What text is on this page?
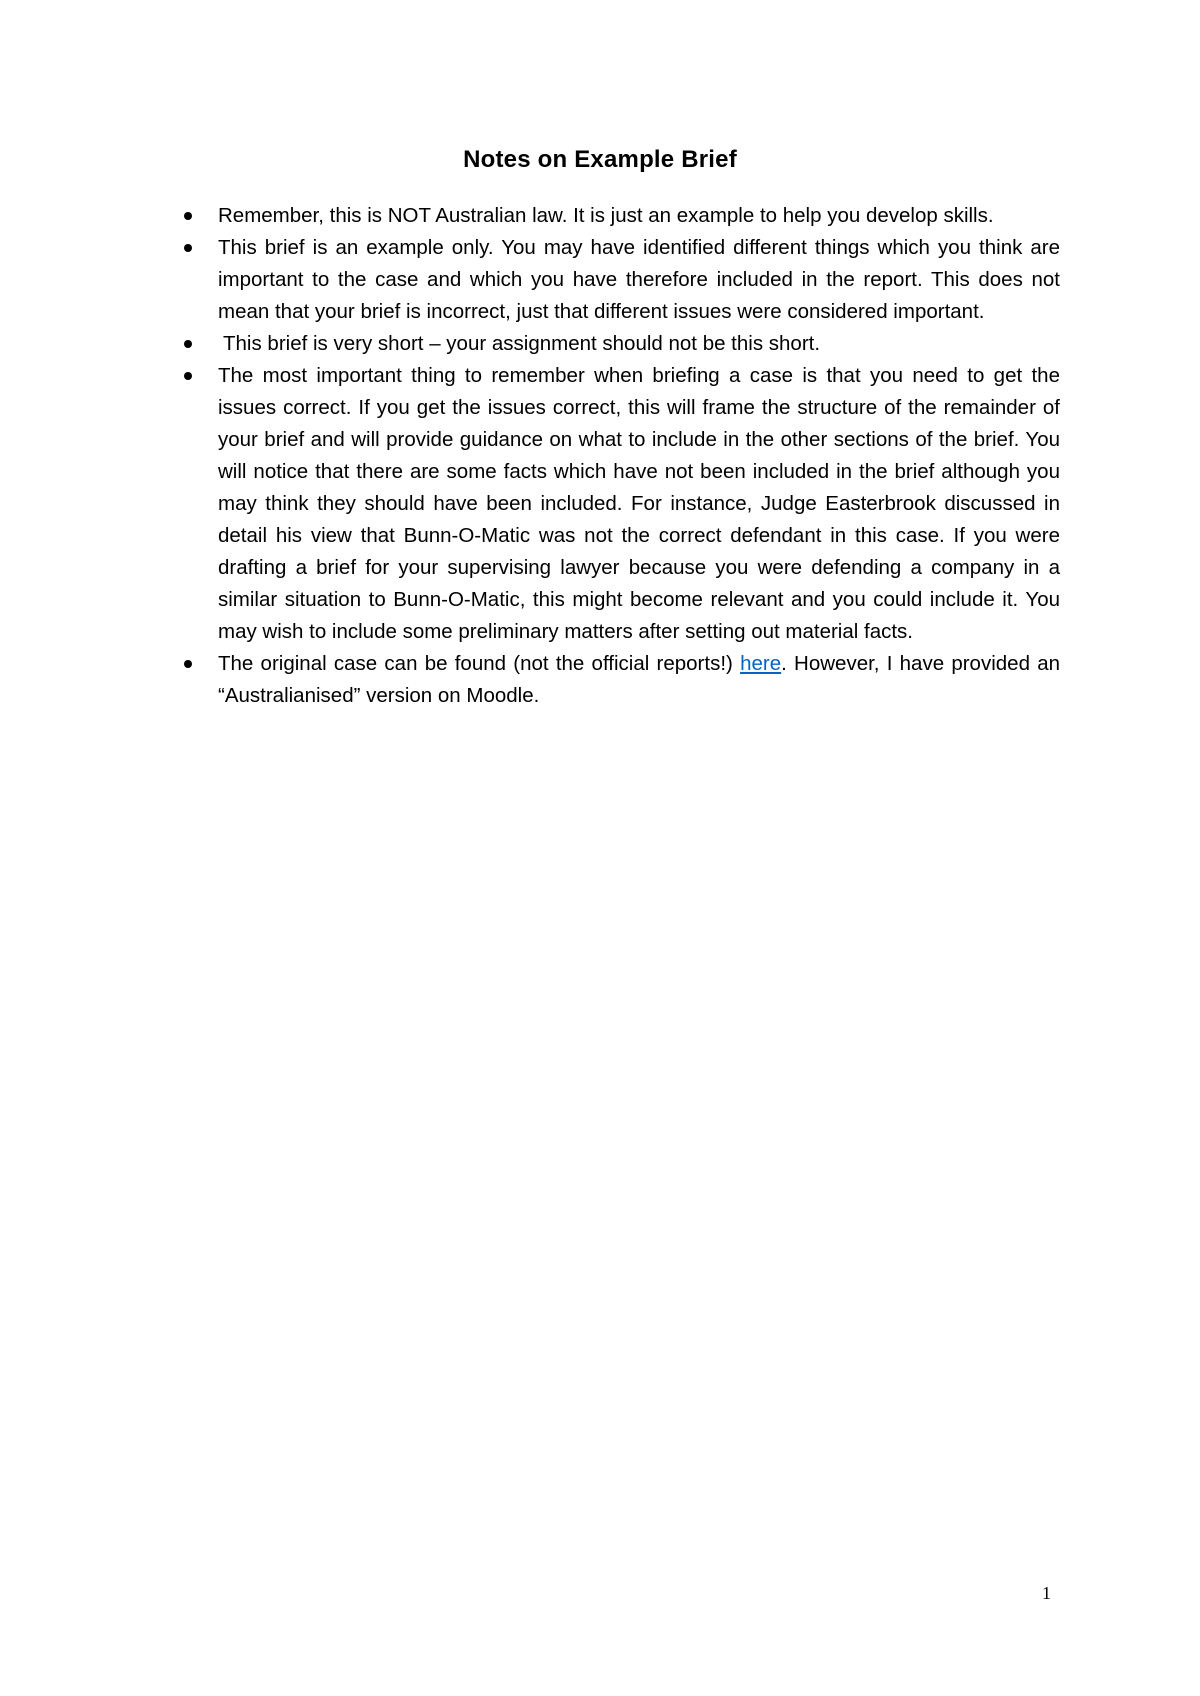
Notes on Example Brief
Remember, this is NOT Australian law. It is just an example to help you develop skills.
This brief is an example only. You may have identified different things which you think are important to the case and which you have therefore included in the report. This does not mean that your brief is incorrect, just that different issues were considered important.
This brief is very short – your assignment should not be this short.
The most important thing to remember when briefing a case is that you need to get the issues correct. If you get the issues correct, this will frame the structure of the remainder of your brief and will provide guidance on what to include in the other sections of the brief. You will notice that there are some facts which have not been included in the brief although you may think they should have been included. For instance, Judge Easterbrook discussed in detail his view that Bunn-O-Matic was not the correct defendant in this case. If you were drafting a brief for your supervising lawyer because you were defending a company in a similar situation to Bunn-O-Matic, this might become relevant and you could include it. You may wish to include some preliminary matters after setting out material facts.
The original case can be found (not the official reports!) here. However, I have provided an “Australianised” version on Moodle.
1
